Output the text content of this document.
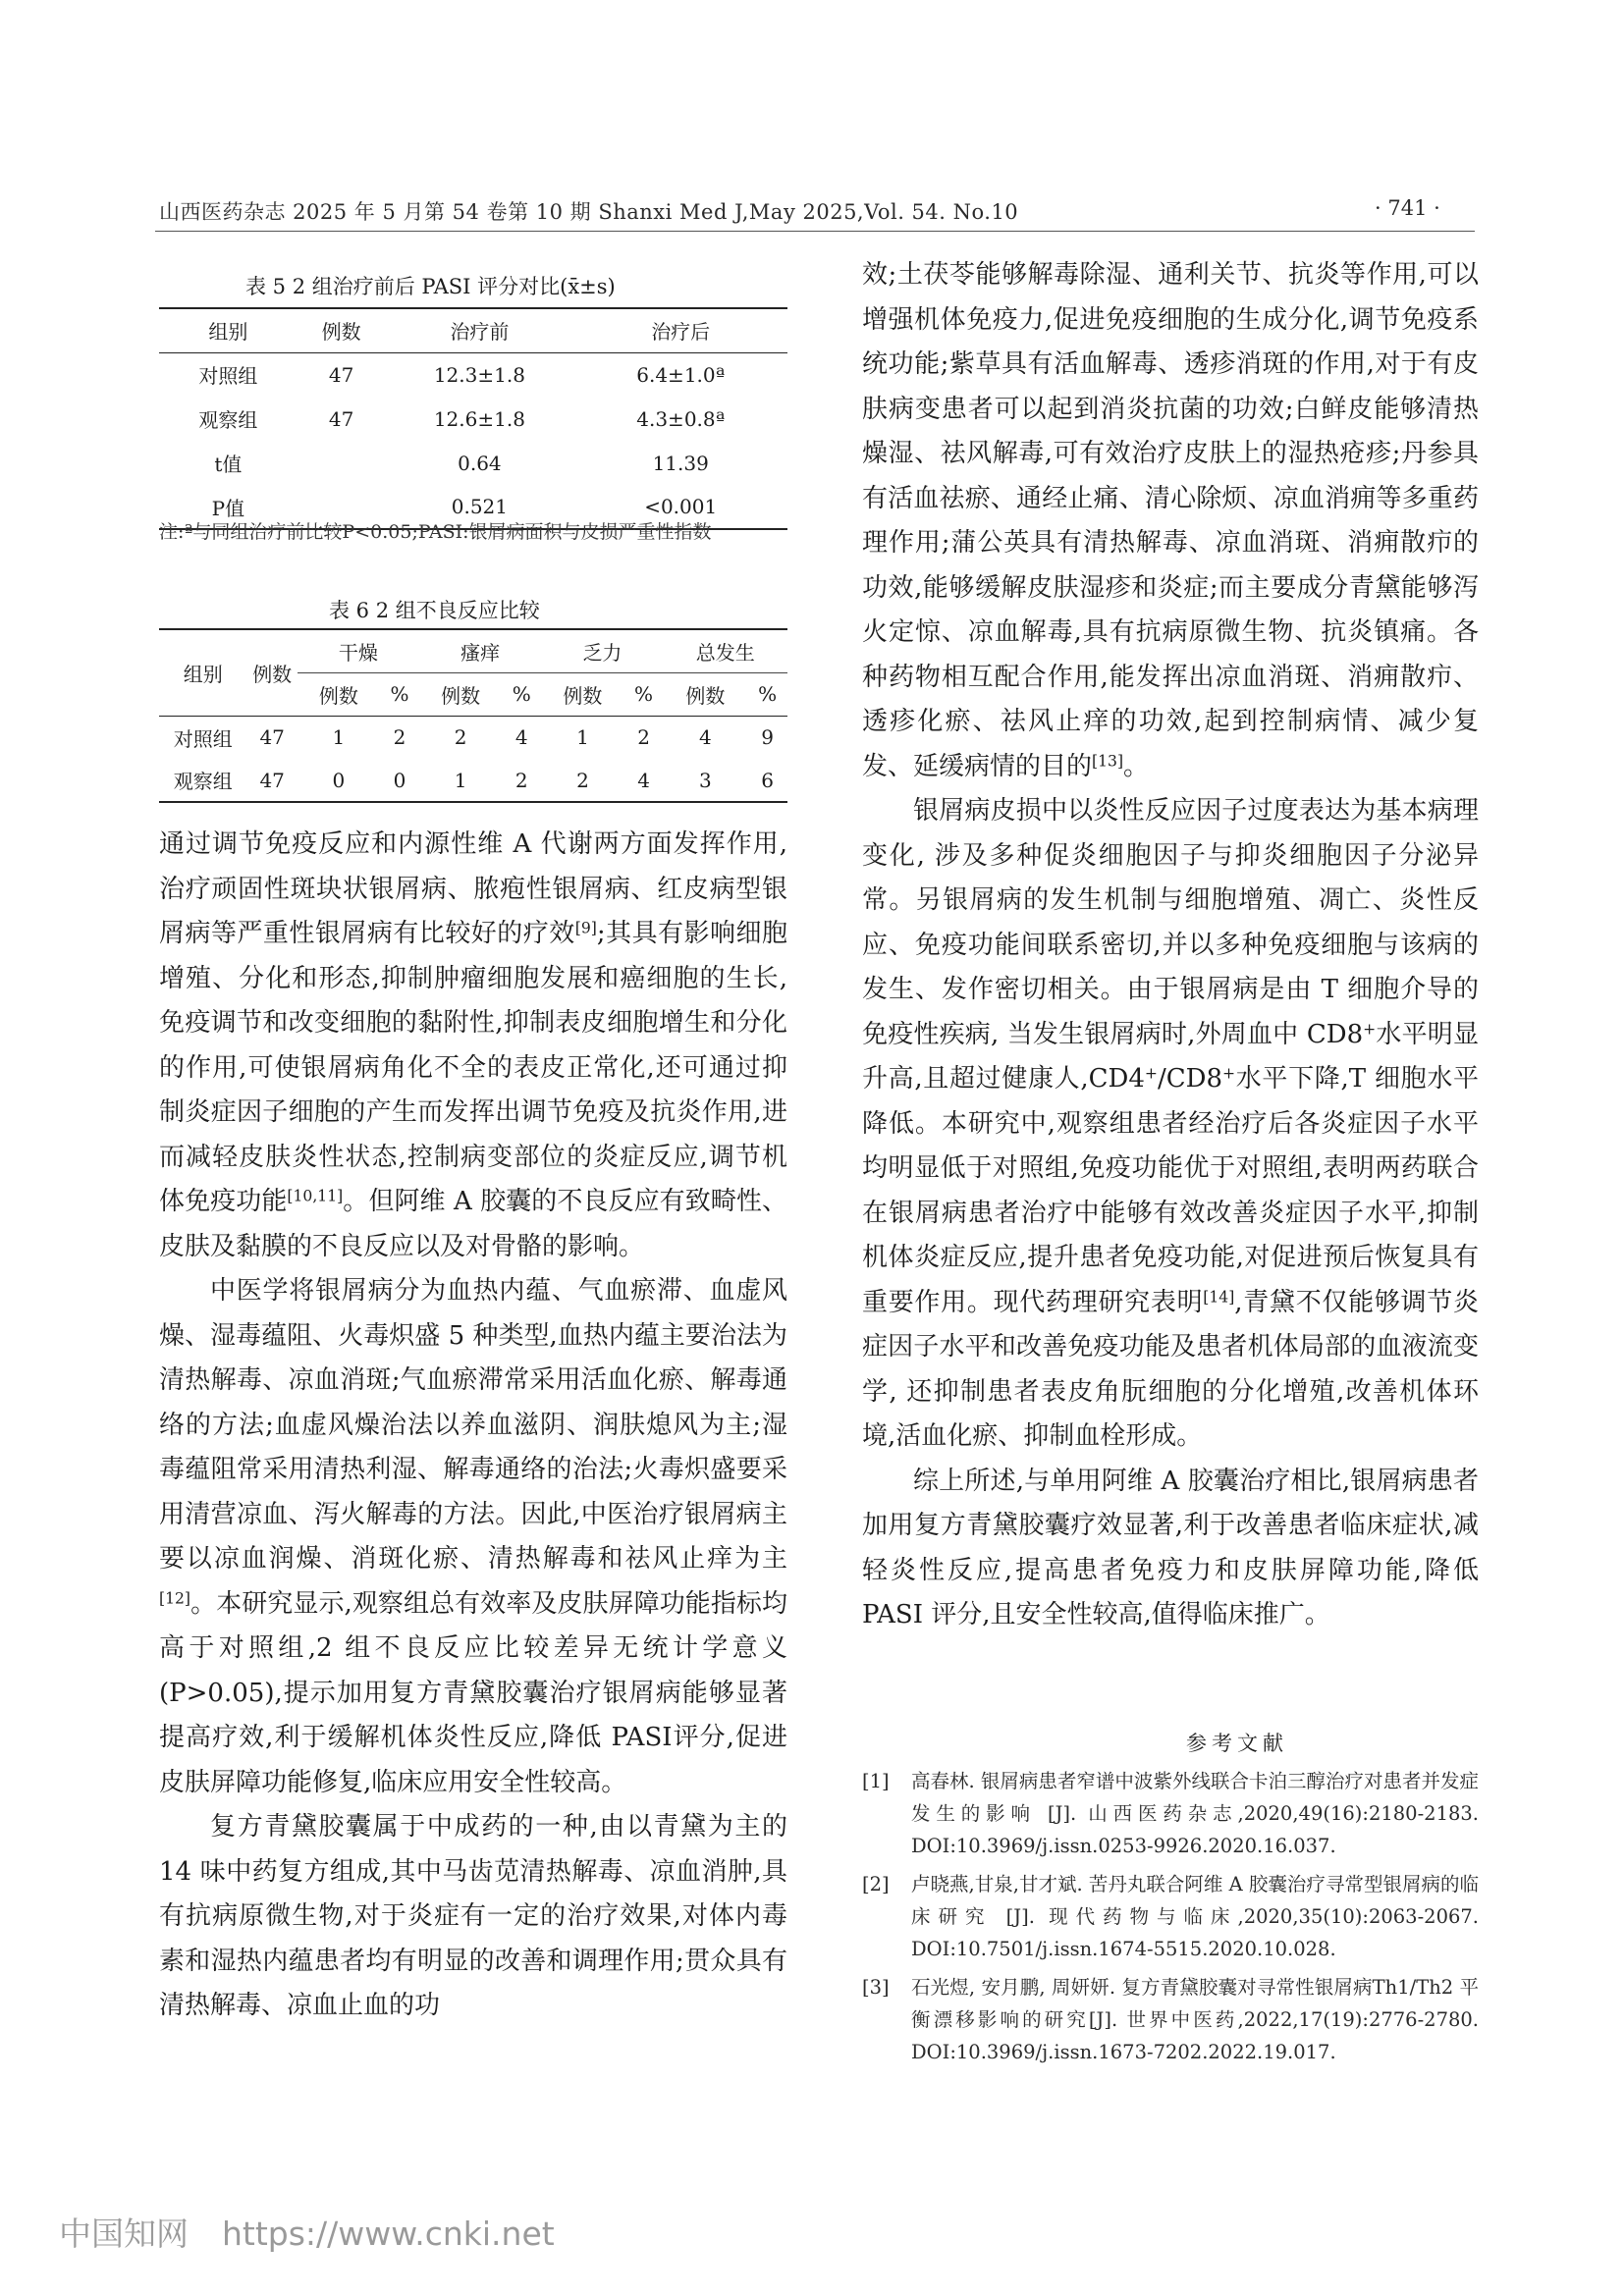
山西医药杂志 2025 年 5 月第 54 卷第 10 期 Shanxi Med J,May 2025,Vol. 54. No.10	· 741 ·
表 5 2 组治疗前后 PASI 评分对比(x̄±s)
组别	例数	治疗前	治疗后
对照组	47	12.3±1.8	6.4±1.0ª
观察组	47	12.6±1.8	4.3±0.8ª
t值		0.64	11.39
P值		0.521	<0.001
注:ª与同组治疗前比较P<0.05;PASI:银屑病面积与皮损严重性指数
表 6 2 组不良反应比较
组别	例数	干燥		瘙痒		乏力		总发生	
		例数	%	例数	%	例数	%	例数	%
对照组	47	1	2	2	4	1	2	4	9
观察组	47	0	0	1	2	2	4	3	6

通过调节免疫反应和内源性维 A 代谢两方面发挥作用,治疗顽固性斑块状银屑病、脓疱性银屑病、红皮病型银屑病等严重性银屑病有比较好的疗效[9];其具有影响细胞增殖、分化和形态,抑制肿瘤细胞发展和癌细胞的生长,免疫调节和改变细胞的黏附性,抑制表皮细胞增生和分化的作用,可使银屑病角化不全的表皮正常化,还可通过抑制炎症因子细胞的产生而发挥出调节免疫及抗炎作用,进而减轻皮肤炎性状态,控制病变部位的炎症反应,调节机体免疫功能[10,11]。但阿维 A 胶囊的不良反应有致畸性、皮肤及黏膜的不良反应以及对骨骼的影响。

中医学将银屑病分为血热内蕴、气血瘀滞、血虚风燥、湿毒蕴阻、火毒炽盛 5 种类型,血热内蕴主要治法为清热解毒、凉血消斑;气血瘀滞常采用活血化瘀、解毒通络的方法;血虚风燥治法以养血滋阴、润肤熄风为主;湿毒蕴阻常采用清热利湿、解毒通络的治法;火毒炽盛要采用清营凉血、泻火解毒的方法。因此,中医治疗银屑病主要以凉血润燥、消斑化瘀、清热解毒和祛风止痒为主[12]。本研究显示,观察组总有效率及皮肤屏障功能指标均高于对照组,2 组不良反应比较差异无统计学意义 (P>0.05),提示加用复方青黛胶囊治疗银屑病能够显著提高疗效,利于缓解机体炎性反应,降低 PASI评分,促进皮肤屏障功能修复,临床应用安全性较高。

复方青黛胶囊属于中成药的一种,由以青黛为主的 14 味中药复方组成,其中马齿苋清热解毒、凉血消肿,具有抗病原微生物,对于炎症有一定的治疗效果,对体内毒素和湿热内蕴患者均有明显的改善和调理作用;贯众具有清热解毒、凉血止血的功

效;土茯苓能够解毒除湿、通利关节、抗炎等作用,可以增强机体免疫力,促进免疫细胞的生成分化,调节免疫系统功能;紫草具有活血解毒、透疹消斑的作用,对于有皮肤病变患者可以起到消炎抗菌的功效;白鲜皮能够清热燥湿、祛风解毒,可有效治疗皮肤上的湿热疮疹;丹参具有活血祛瘀、通经止痛、清心除烦、凉血消痈等多重药理作用;蒲公英具有清热解毒、凉血消斑、消痈散疖的功效,能够缓解皮肤湿疹和炎症;而主要成分青黛能够泻火定惊、凉血解毒,具有抗病原微生物、抗炎镇痛。各种药物相互配合作用,能发挥出凉血消斑、消痈散疖、透疹化瘀、祛风止痒的功效,起到控制病情、减少复发、延缓病情的目的[13]。

银屑病皮损中以炎性反应因子过度表达为基本病理变化, 涉及多种促炎细胞因子与抑炎细胞因子分泌异常。另银屑病的发生机制与细胞增殖、凋亡、炎性反应、免疫功能间联系密切,并以多种免疫细胞与该病的发生、发作密切相关。由于银屑病是由 T 细胞介导的免疫性疾病, 当发生银屑病时,外周血中 CD8+水平明显升高,且超过健康人,CD4+/CD8+水平下降,T 细胞水平降低。本研究中,观察组患者经治疗后各炎症因子水平均明显低于对照组,免疫功能优于对照组,表明两药联合在银屑病患者治疗中能够有效改善炎症因子水平,抑制机体炎症反应,提升患者免疫功能,对促进预后恢复具有重要作用。现代药理研究表明[14],青黛不仅能够调节炎症因子水平和改善免疫功能及患者机体局部的血液流变学, 还抑制患者表皮角朊细胞的分化增殖,改善机体环境,活血化瘀、抑制血栓形成。

综上所述,与单用阿维 A 胶囊治疗相比,银屑病患者加用复方青黛胶囊疗效显著,利于改善患者临床症状,减轻炎性反应,提高患者免疫力和皮肤屏障功能,降低 PASI 评分,且安全性较高,值得临床推广。

参考文献
[1] 高春林. 银屑病患者窄谱中波紫外线联合卡泊三醇治疗对患者并发症发生的影响 [J]. 山西医药杂志,2020,49(16):2180-2183. DOI:10.3969/j.issn.0253-9926.2020.16.037.
[2] 卢晓燕,甘泉,甘才斌. 苦丹丸联合阿维 A 胶囊治疗寻常型银屑病的临床研究 [J]. 现代药物与临床,2020,35(10):2063-2067. DOI:10.7501/j.issn.1674-5515.2020.10.028.
[3] 石光煜, 安月鹏, 周妍妍. 复方青黛胶囊对寻常性银屑病Th1/Th2 平衡漂移影响的研究[J]. 世界中医药,2022,17(19):2776-2780. DOI:10.3969/j.issn.1673-7202.2022.19.017.
中国知网 https://www.cnki.net
